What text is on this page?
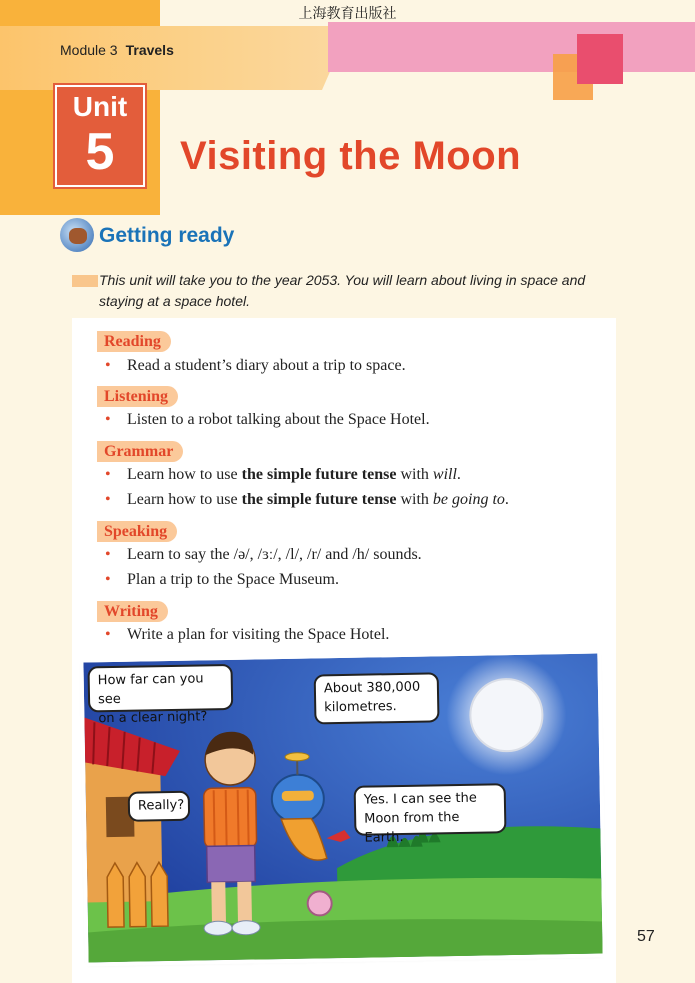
上海教育出版社
Module 3 Travels
Unit
5	Visiting the Moon
Getting ready
This unit will take you to the year 2053. You will learn about living in space and
staying at a space hotel.
Reading
• Read a student’s diary about a trip to space.
Listening
• Listen to a robot talking about the Space Hotel.
Grammar
• Learn how to use the simple future tense with will.
• Learn how to use the simple future tense with be going to.
Speaking
• Learn to say the /ə/, /ɜː/, /l/, /r/ and /h/ sounds.
• Plan a trip to the Space Museum.
Writing
• Write a plan for visiting the Space Hotel.
How far can you see
on a clear night?
About 380,000
kilometres.
Really?	Yes. I can see the
Moon from the Earth.
57
